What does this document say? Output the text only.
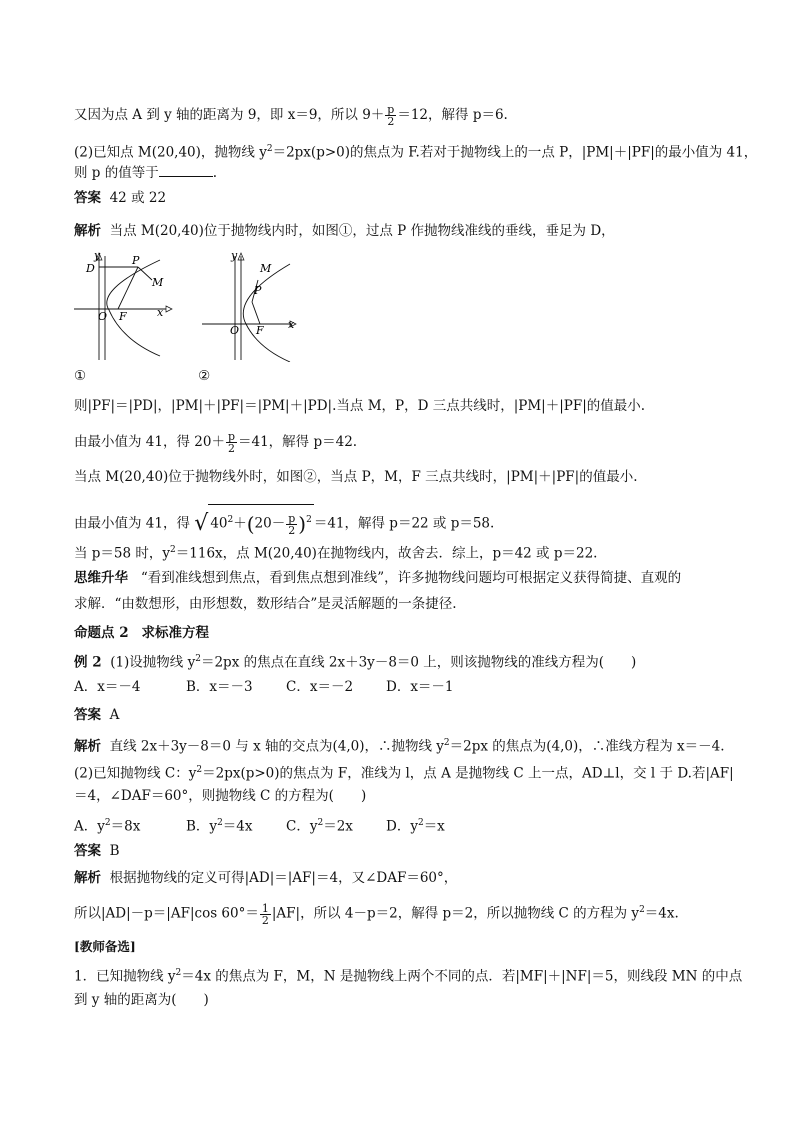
又因为点 A 到 y 轴的距离为 9，即 x＝9，所以 $9+ \frac{p}{2} =12$，解得 p＝6.
(2)已知点 M(20,40)，抛物线 $y^2=2px(p>0)$的焦点为 F.若对于抛物线上的一点 P，|PM|＋|PF|的最小值为 41，
则 p 的值等于	.
答案 42 或 22
解析 当点 M(20,40)位于抛物线内时，如图①，过点 P 作抛物线准线的垂线，垂足为 D，
y
D
P
M
x
O F
y
M
P
x
O F
①	②
则|PF|＝|PD|，|PM|＋|PF|＝|PM|＋|PD|.当点 M，P，D 三点共线时，|PM|＋|PF|的值最小.
由最小值为 41，得 $20+ \frac{p}{2} =41$，解得 p＝42.
当点 M(20,40)位于抛物线外时，如图②，当点 P，M，F 三点共线时，|PM|＋|PF|的值最小.
由最小值为 41，得 √ $40^2+(20- \frac{p}{2} )^2 =41$，解得 p＝22 或 p＝58.
当 p＝58 时，$y^2=116x$，点 M(20,40)在抛物线内，故舍去．综上，p＝42 或 p＝22.
思维升华 “看到准线想到焦点，看到焦点想到准线”，许多抛物线问题均可根据定义获得简捷、直观的
求解．“由数想形，由形想数，数形结合”是灵活解题的一条捷径.
命题点 2 求标准方程
例 2 (1)设抛物线 $y^2=2px$ 的焦点在直线 2x＋3y－8＝0 上，则该抛物线的准线方程为(　　)
A．x＝－4	B．x＝－3 C．x＝－2 D．x＝－1
答案 A
解析 直线 2x＋3y－8＝0 与 x 轴的交点为(4,0)，∴抛物线 $y^2=2px$ 的焦点为(4,0)，∴准线方程为 x＝－4.
(2)已知抛物线 C：$y^2=2px(p>0)$的焦点为 F，准线为 l，点 A 是抛物线 C 上一点，AD⊥l，交 l 于 D.若|AF|
＝4，∠DAF＝60°，则抛物线 C 的方程为(　　)
A．$y^2=8x$	B．$y^2=4x$ C．$y^2=2x$ D．$y^2=x$
答案 B
解析 根据抛物线的定义可得|AD|＝|AF|＝4，又∠DAF＝60°，
所以|AD|－p＝|AF|cos $60^\circ= \frac{1}{2} |AF|$，所以 4－p＝2，解得 p＝2，所以抛物线 C 的方程为 $y^2=4x$.
[教师备选]
1．已知抛物线 $y^2=4x$ 的焦点为 F，M，N 是抛物线上两个不同的点．若|MF|＋|NF|＝5，则线段 MN 的中点
到 y 轴的距离为(　　)
